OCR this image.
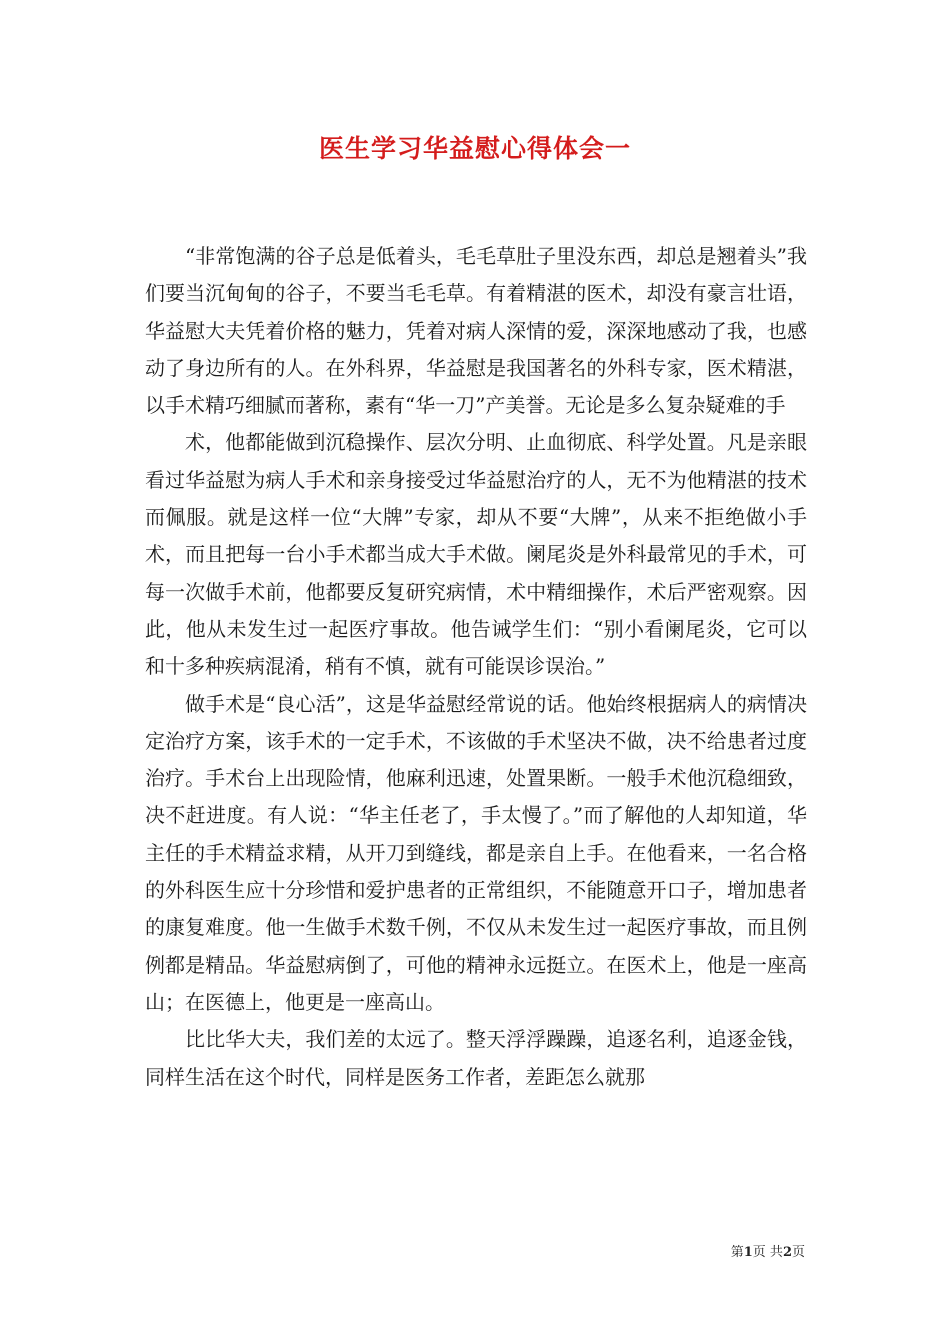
医生学习华益慰心得体会一

“非常饱满的谷子总是低着头，毛毛草肚子里没东西，却总是翘着头”我们要当沉甸甸的谷子，不要当毛毛草。有着精湛的医术，却没有豪言壮语，华益慰大夫凭着价格的魅力，凭着对病人深情的爱，深深地感动了我，也感动了身边所有的人。在外科界，华益慰是我国著名的外科专家，医术精湛，以手术精巧细腻而著称，素有“华一刀”产美誉。无论是多么复杂疑难的手

术，他都能做到沉稳操作、层次分明、止血彻底、科学处置。凡是亲眼看过华益慰为病人手术和亲身接受过华益慰治疗的人，无不为他精湛的技术而佩服。就是这样一位“大牌”专家，却从不要“大牌”，从来不拒绝做小手术，而且把每一台小手术都当成大手术做。阑尾炎是外科最常见的手术，可每一次做手术前，他都要反复研究病情，术中精细操作，术后严密观察。因此，他从未发生过一起医疗事故。他告诫学生们：“别小看阑尾炎，它可以和十多种疾病混淆，稍有不慎，就有可能误诊误治。”

做手术是“良心活”，这是华益慰经常说的话。他始终根据病人的病情决定治疗方案，该手术的一定手术，不该做的手术坚决不做，决不给患者过度治疗。手术台上出现险情，他麻利迅速，处置果断。一般手术他沉稳细致，决不赶进度。有人说：“华主任老了，手太慢了。”而了解他的人却知道，华主任的手术精益求精，从开刀到缝线，都是亲自上手。在他看来，一名合格的外科医生应十分珍惜和爱护患者的正常组织，不能随意开口子，增加患者的康复难度。他一生做手术数千例，不仅从未发生过一起医疗事故，而且例例都是精品。华益慰病倒了，可他的精神永远挺立。在医术上，他是一座高山；在医德上，他更是一座高山。

比比华大夫，我们差的太远了。整天浮浮躁躁，追逐名利，追逐金钱，同样生活在这个时代，同样是医务工作者，差距怎么就那

第1页 共2页
